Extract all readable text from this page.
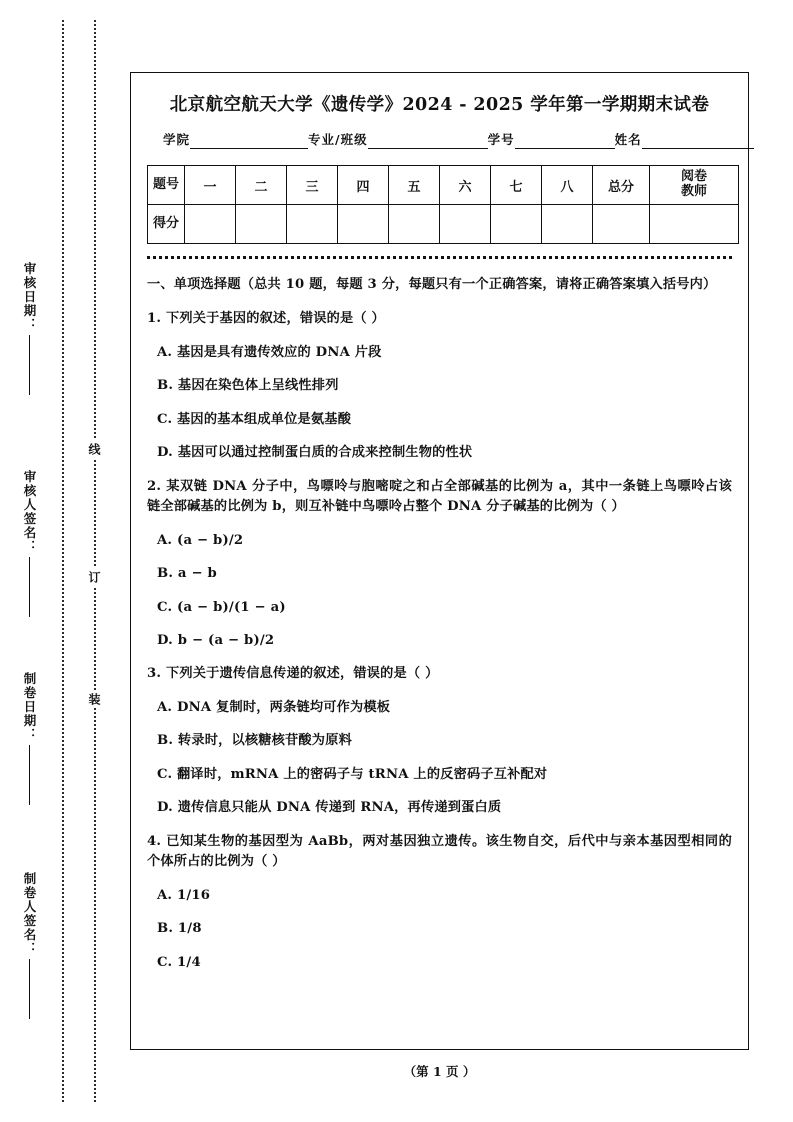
审核日期：
审核人签名：
制卷日期：
制卷人签名：
线
订
装
北京航空航天大学《遗传学》2024 - 2025 学年第一学期期末试卷
学院	专业/班级	学号	姓名
题号	一	二	三	四	五	六	七	八	总分	阅卷
教师
得分										
一、单项选择题（总共 10 题，每题 3 分，每题只有一个正确答案，请将正确答案填入括号内）
1. 下列关于基因的叙述，错误的是（ ）
A. 基因是具有遗传效应的 DNA 片段
B. 基因在染色体上呈线性排列
C. 基因的基本组成单位是氨基酸
D. 基因可以通过控制蛋白质的合成来控制生物的性状
2. 某双链 DNA 分子中，鸟嘌呤与胞嘧啶之和占全部碱基的比例为 a，其中一条链上鸟嘌呤占该链全部碱基的比例为 b，则互补链中鸟嘌呤占整个 DNA 分子碱基的比例为（ ）
A. (a − b)/2
B. a − b
C. (a − b)/(1 − a)
D. b − (a − b)/2
3. 下列关于遗传信息传递的叙述，错误的是（ ）
A. DNA 复制时，两条链均可作为模板
B. 转录时，以核糖核苷酸为原料
C. 翻译时，mRNA 上的密码子与 tRNA 上的反密码子互补配对
D. 遗传信息只能从 DNA 传递到 RNA，再传递到蛋白质
4. 已知某生物的基因型为 AaBb，两对基因独立遗传。该生物自交，后代中与亲本基因型相同的个体所占的比例为（ ）
A. 1/16
B. 1/8
C. 1/4
（第 1 页 ）
